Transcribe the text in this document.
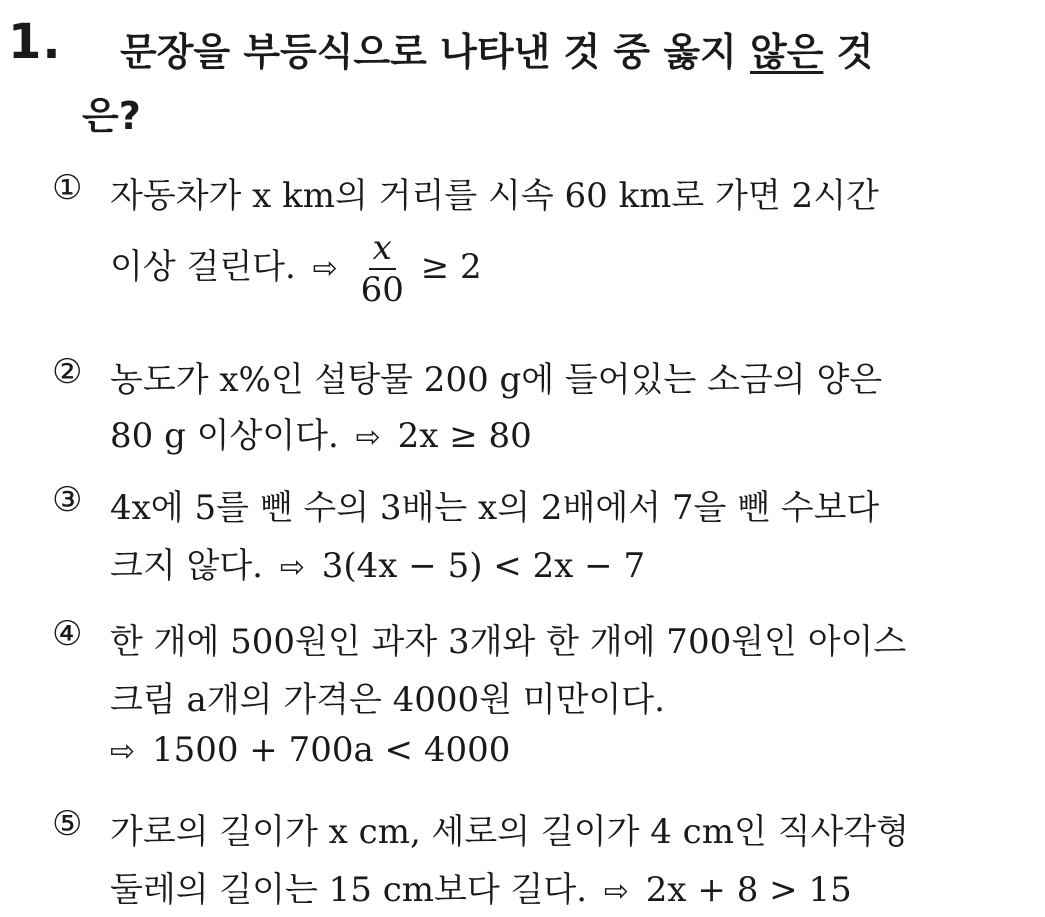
1. 문장을 부등식으로 나타낸 것 중 옳지 않은 것
은?
① 자동차가 x km의 거리를 시속 60 km로 가면 2시간
이상 걸린다. ⇨ $\frac{x}{60} \ge 2$
② 농도가 x%인 설탕물 200 g에 들어있는 소금의 양은
80 g 이상이다. ⇨ 2x ≥ 80
③ 4x에 5를 뺀 수의 3배는 x의 2배에서 7을 뺀 수보다
크지 않다. ⇨ 3(4x − 5) < 2x − 7
④ 한 개에 500원인 과자 3개와 한 개에 700원인 아이스
크림 a개의 가격은 4000원 미만이다.
⇨ 1500 + 700a < 4000
⑤ 가로의 길이가 x cm, 세로의 길이가 4 cm인 직사각형
둘레의 길이는 15 cm보다 길다. ⇨ 2x + 8 > 15
